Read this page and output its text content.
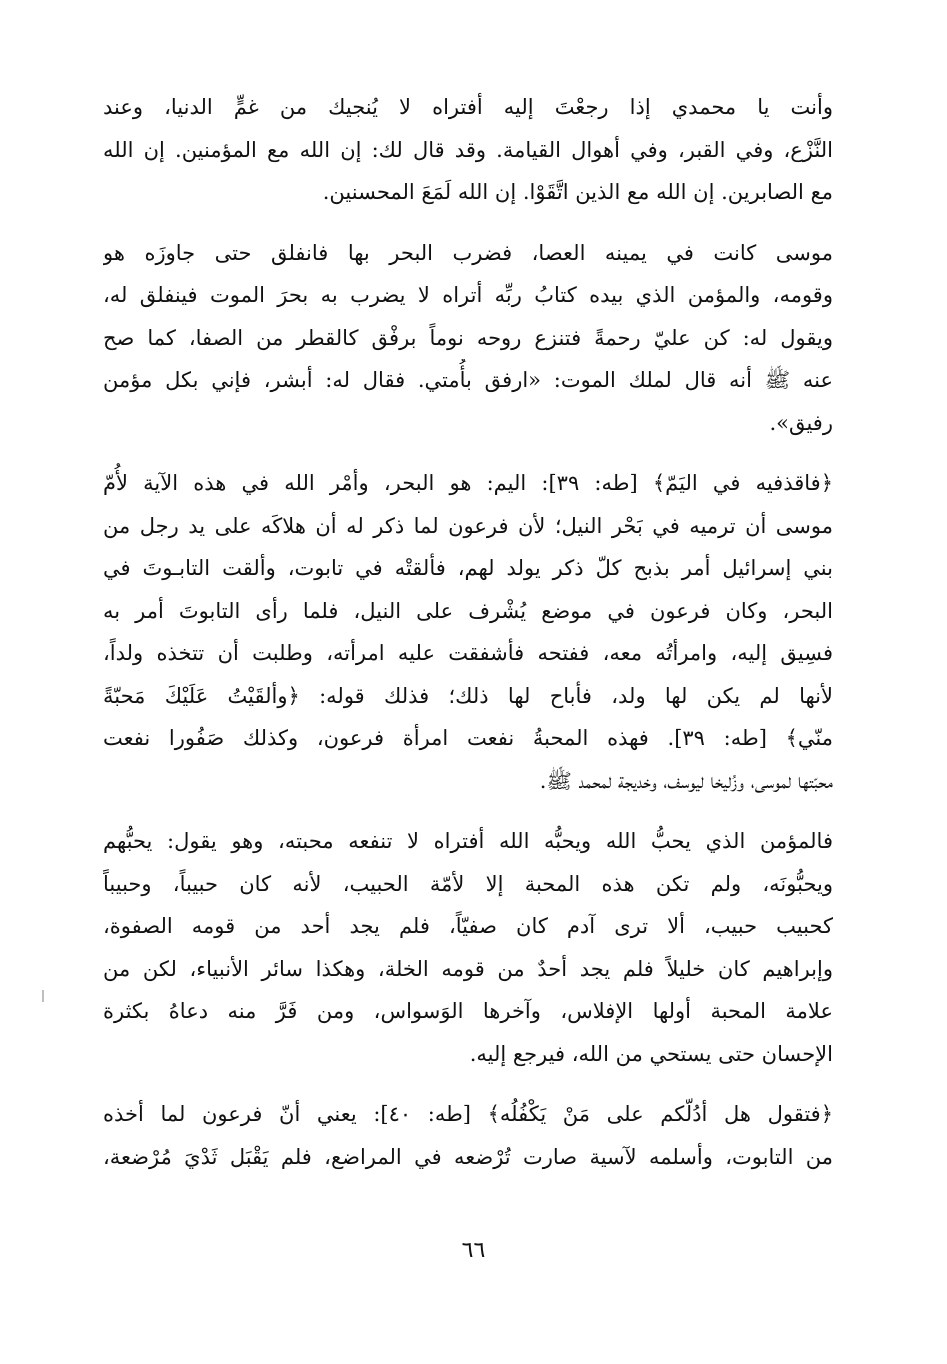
وأنت يا محمدي إذا رجعْتَ إليه أفتراه لا يُنجيك من غمٍّ الدنيا، وعند
النَّزْع، وفي القبر، وفي أهوال القيامة. وقد قال لك: إن الله مع المؤمنين. إن الله
مع الصابرين. إن الله مع الذين اتَّقَوْا. إن الله لَمَعَ المحسنين.

موسى كانت في يمينه العصا، فضرب البحر بها فانفلق حتى جاوزَه هو
وقومه، والمؤمن الذي بيده كتابُ ربِّه أتراه لا يضرب به بحرَ الموت فينفلق له،
ويقول له: كن عليّ رحمةً فتنزع روحه نوماً برفْق كالقطر من الصفا، كما صح
عنه ﷺ أنه قال لملك الموت: «ارفق بأُمتي. فقال له: أبشر، فإني بكل مؤمن
رفيق».

﴿فاقذفيه في اليَمّ﴾ [طه: ٣٩]: اليم: هو البحر، وأمْر الله في هذه الآية لأُمّ
موسى أن ترميه في بَحْر النيل؛ لأن فرعون لما ذكر له أن هلاكَه على يد رجل من
بني إسرائيل أمر بذبح كلّ ذكر يولد لهم، فألقتْه في تابوت، وألقت التابـوتَ في
البحر، وكان فرعون في موضع يُشْرف على النيل، فلما رأى التابوتَ أمر به
فسِيق إليه، وامرأتُه معه، ففتحه فأشفقت عليه امرأته، وطلبت أن تتخذه ولداً،
لأنها لم يكن لها ولد، فأباح لها ذلك؛ فذلك قوله: ﴿وألقَيْتُ عَلَيْكَ مَحبّةً
منّي﴾ [طه: ٣٩]. فهذه المحبةُ نفعت امرأة فرعون، وكذلك صَفُورا نفعت
محبّتها لموسى، وزُليخا ليوسف، وخديجة لمحمد ﷺ.

فالمؤمن الذي يحبُّ الله ويحبُّه الله أفتراه لا تنفعه محبته، وهو يقول: يحبُّهم
ويحبُّونَه، ولم تكن هذه المحبة إلا لأمّة الحبيب، لأنه كان حبيباً، وحبيباً
كحبيب حبيب، ألا ترى آدم كان صفيّاً، فلم يجد أحد من قومه الصفوة،
وإبراهيم كان خليلاً فلم يجد أحدٌ من قومه الخلة، وهكذا سائر الأنبياء، لكن من
علامة المحبة أولها الإفلاس، وآخرها الوَسواس، ومن فَرَّ منه دعاهُ بكثرة
الإحسان حتى يستحي من الله، فيرجع إليه.

﴿فتقول هل أدُلّكم على مَنْ يَكْفُلُه﴾ [طه: ٤٠]: يعني أنّ فرعون لما أخذه
من التابوت، وأسلمه لآسية صارت تُرْضعه في المراضع، فلم يَقْبَل ثَدْيَ مُرْضعة،

٦٦
